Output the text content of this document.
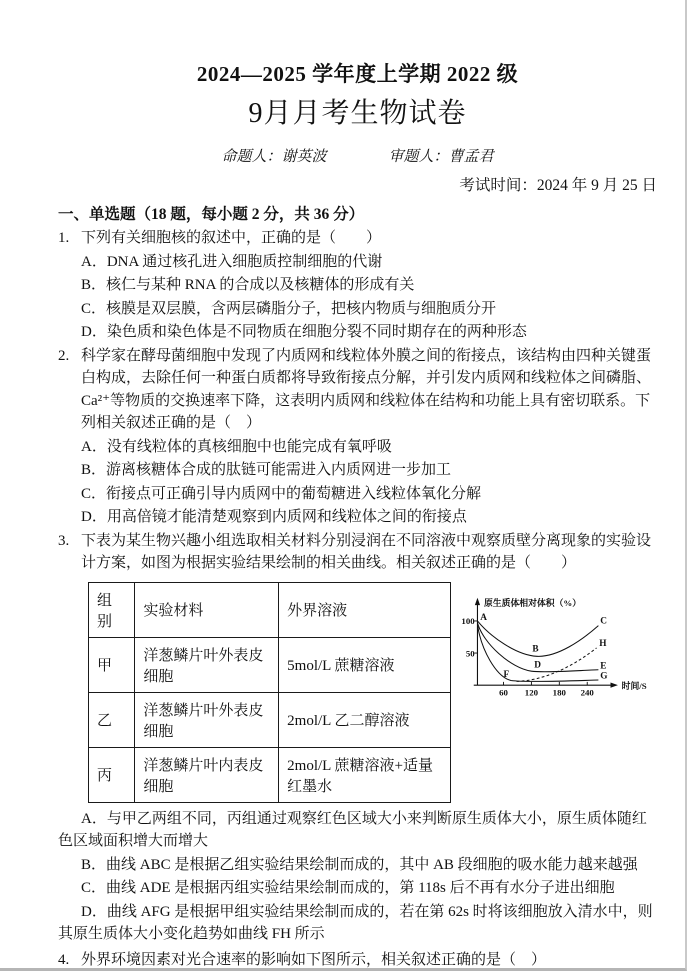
2024—2025 学年度上学期 2022 级
9月月考生物试卷
命题人：谢英波	审题人：曹孟君
考试时间：2024 年 9 月 25 日
一、单选题（18 题，每小题 2 分，共 36 分）
1. 下列有关细胞核的叙述中，正确的是（　　）
A．DNA 通过核孔进入细胞质控制细胞的代谢
B．核仁与某种 RNA 的合成以及核糖体的形成有关
C．核膜是双层膜，含两层磷脂分子，把核内物质与细胞质分开
D．染色质和染色体是不同物质在细胞分裂不同时期存在的两种形态
2. 科学家在酵母菌细胞中发现了内质网和线粒体外膜之间的衔接点，该结构由四种关键蛋白构成，去除任何一种蛋白质都将导致衔接点分解，并引发内质网和线粒体之间磷脂、Ca²⁺等物质的交换速率下降，这表明内质网和线粒体在结构和功能上具有密切联系。下列相关叙述正确的是（　）
A．没有线粒体的真核细胞中也能完成有氧呼吸
B．游离核糖体合成的肽链可能需进入内质网进一步加工
C．衔接点可正确引导内质网中的葡萄糖进入线粒体氧化分解
D．用高倍镜才能清楚观察到内质网和线粒体之间的衔接点
3. 下表为某生物兴趣小组选取相关材料分别浸润在不同溶液中观察质壁分离现象的实验设计方案，如图为根据实验结果绘制的相关曲线。相关叙述正确的是（　　）
组别	实验材料	外界溶液
甲	洋葱鳞片叶外表皮细胞	5mol/L 蔗糖溶液
乙	洋葱鳞片叶外表皮细胞	2mol/L 乙二醇溶液
丙	洋葱鳞片叶内表皮细胞	2mol/L 蔗糖溶液+适量红墨水
原生质体相对体积（%）
时间/S
100
50
60 120 180 240
A
B
C
D	E
F	G
H
A．与甲乙两组不同，丙组通过观察红色区域大小来判断原生质体大小，原生质体随红色区域面积增大而增大
B．曲线 ABC 是根据乙组实验结果绘制而成的，其中 AB 段细胞的吸水能力越来越强
C．曲线 ADE 是根据丙组实验结果绘制而成的，第 118s 后不再有水分子进出细胞
D．曲线 AFG 是根据甲组实验结果绘制而成的，若在第 62s 时将该细胞放入清水中，则其原生质体大小变化趋势如曲线 FH 所示
4. 外界环境因素对光合速率的影响如下图所示，相关叙述正确的是（　）
